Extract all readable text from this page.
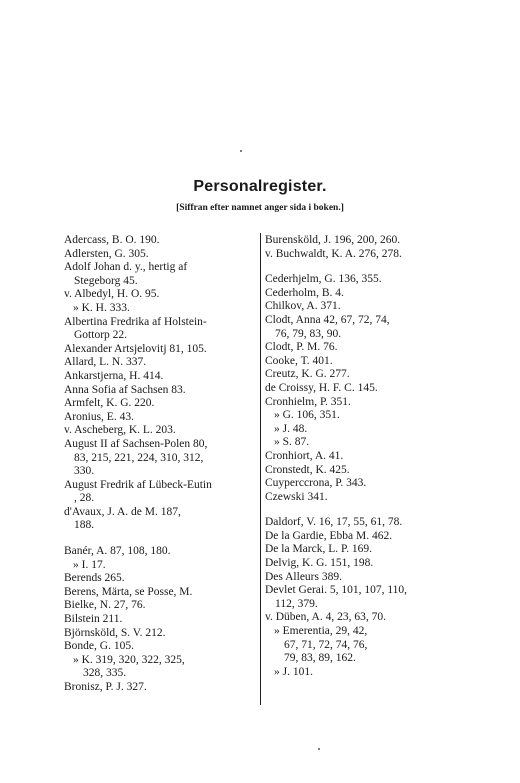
Personalregister.
[Siffran efter namnet anger sida i boken.]
Adercass, B. O. 190.
Adlersten, G. 305.
Adolf Johan d. y., hertig af

Stegeborg 45.
v. Albedyl, H. O. 95.
» K. H. 333.
Albertina Fredrika af Holstein-

Gottorp 22.
Alexander Artsjelovitj 81, 105.
Allard, L. N. 337.
Ankarstjerna, H. 414.
Anna Sofia af Sachsen 83.
Armfelt, K. G. 220.
Aronius, E. 43.
v. Ascheberg, K. L. 203.
August II af Sachsen-Polen 80,

83, 215, 221, 224, 310, 312,
330.
August Fredrik af Lübeck-Eutin

, 28.
d'Avaux, J. A. de M. 187,

188.
Banér, A. 87, 108, 180.
» I. 17.
Berends 265.
Berens, Märta, se Posse, M.
Bielke, N. 27, 76.
Bilstein 211.
Björnsköld, S. V. 212.
Bonde, G. 105.
» K. 319, 320, 322, 325,

328, 335.
Bronisz, P. J. 327.
Burensköld, J. 196, 200, 260.
v. Buchwaldt, K. A. 276, 278.
Cederhjelm, G. 136, 355.
Cederholm, B. 4.
Chilkov, A. 371.
Clodt, Anna 42, 67, 72, 74,

76, 79, 83, 90.
Clodt, P. M. 76.
Cooke, T. 401.
Creutz, K. G. 277.
de Croissy, H. F. C. 145.
Cronhielm, P. 351.
» G. 106, 351.
» J. 48.
» S. 87.
Cronhiort, A. 41.
Cronstedt, K. 425.
Cuyperccrona, P. 343.
Czewski 341.
Daldorf, V. 16, 17, 55, 61, 78.
De la Gardie, Ebba M. 462.
De la Marck, L. P. 169.
Delvig, K. G. 151, 198.
Des Alleurs 389.
Devlet Gerai. 5, 101, 107, 110,

112, 379.
v. Düben, A. 4, 23, 63, 70.
» Emerentia, 29, 42,

67, 71, 72, 74, 76,
79, 83, 89, 162.
» J. 101.
